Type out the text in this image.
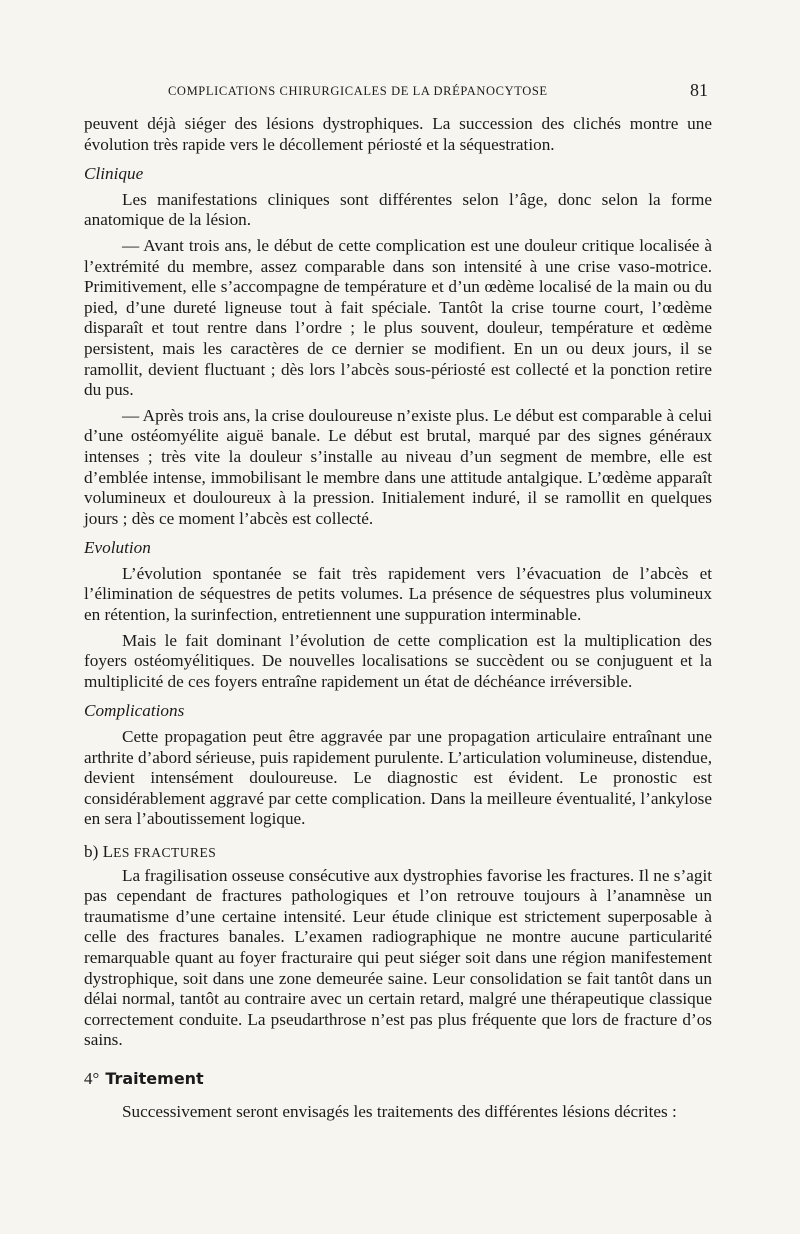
COMPLICATIONS CHIRURGICALES DE LA DRÉPANOCYTOSE	81

peuvent déjà siéger des lésions dystrophiques. La succession des clichés montre une évolution très rapide vers le décollement périosté et la séquestration.

Clinique

Les manifestations cliniques sont différentes selon l’âge, donc selon la forme anatomique de la lésion.

— Avant trois ans, le début de cette complication est une douleur critique localisée à l’extrémité du membre, assez comparable dans son intensité à une crise vaso-motrice. Primitivement, elle s’accompagne de température et d’un œdème localisé de la main ou du pied, d’une dureté ligneuse tout à fait spéciale. Tantôt la crise tourne court, l’œdème disparaît et tout rentre dans l’ordre ; le plus souvent, douleur, température et œdème persistent, mais les caractères de ce dernier se modifient. En un ou deux jours, il se ramollit, devient fluctuant ; dès lors l’abcès sous-périosté est collecté et la ponction retire du pus.

— Après trois ans, la crise douloureuse n’existe plus. Le début est comparable à celui d’une ostéomyélite aiguë banale. Le début est brutal, marqué par des signes généraux intenses ; très vite la douleur s’installe au niveau d’un segment de membre, elle est d’emblée intense, immobilisant le membre dans une attitude antalgique. L’œdème apparaît volumineux et douloureux à la pression. Initialement induré, il se ramollit en quelques jours ; dès ce moment l’abcès est collecté.

Evolution

L’évolution spontanée se fait très rapidement vers l’évacuation de l’abcès et l’élimination de séquestres de petits volumes. La présence de séquestres plus volumineux en rétention, la surinfection, entretiennent une suppuration interminable.

Mais le fait dominant l’évolution de cette complication est la multiplication des foyers ostéomyélitiques. De nouvelles localisations se succèdent ou se conjuguent et la multiplicité de ces foyers entraîne rapidement un état de déchéance irréversible.

Complications

Cette propagation peut être aggravée par une propagation articulaire entraînant une arthrite d’abord sérieuse, puis rapidement purulente. L’articulation volumineuse, distendue, devient intensément douloureuse. Le diagnostic est évident. Le pronostic est considérablement aggravé par cette complication. Dans la meilleure éventualité, l’ankylose en sera l’aboutissement logique.

b) LES FRACTURES

La fragilisation osseuse consécutive aux dystrophies favorise les fractures. Il ne s’agit pas cependant de fractures pathologiques et l’on retrouve toujours à l’anamnèse un traumatisme d’une certaine intensité. Leur étude clinique est strictement superposable à celle des fractures banales. L’examen radiographique ne montre aucune particularité remarquable quant au foyer fracturaire qui peut siéger soit dans une région manifestement dystrophique, soit dans une zone demeurée saine. Leur consolidation se fait tantôt dans un délai normal, tantôt au contraire avec un certain retard, malgré une thérapeutique classique correctement conduite. La pseudarthrose n’est pas plus fréquente que lors de fracture d’os sains.

4° Traitement

Successivement seront envisagés les traitements des différentes lésions décrites :
